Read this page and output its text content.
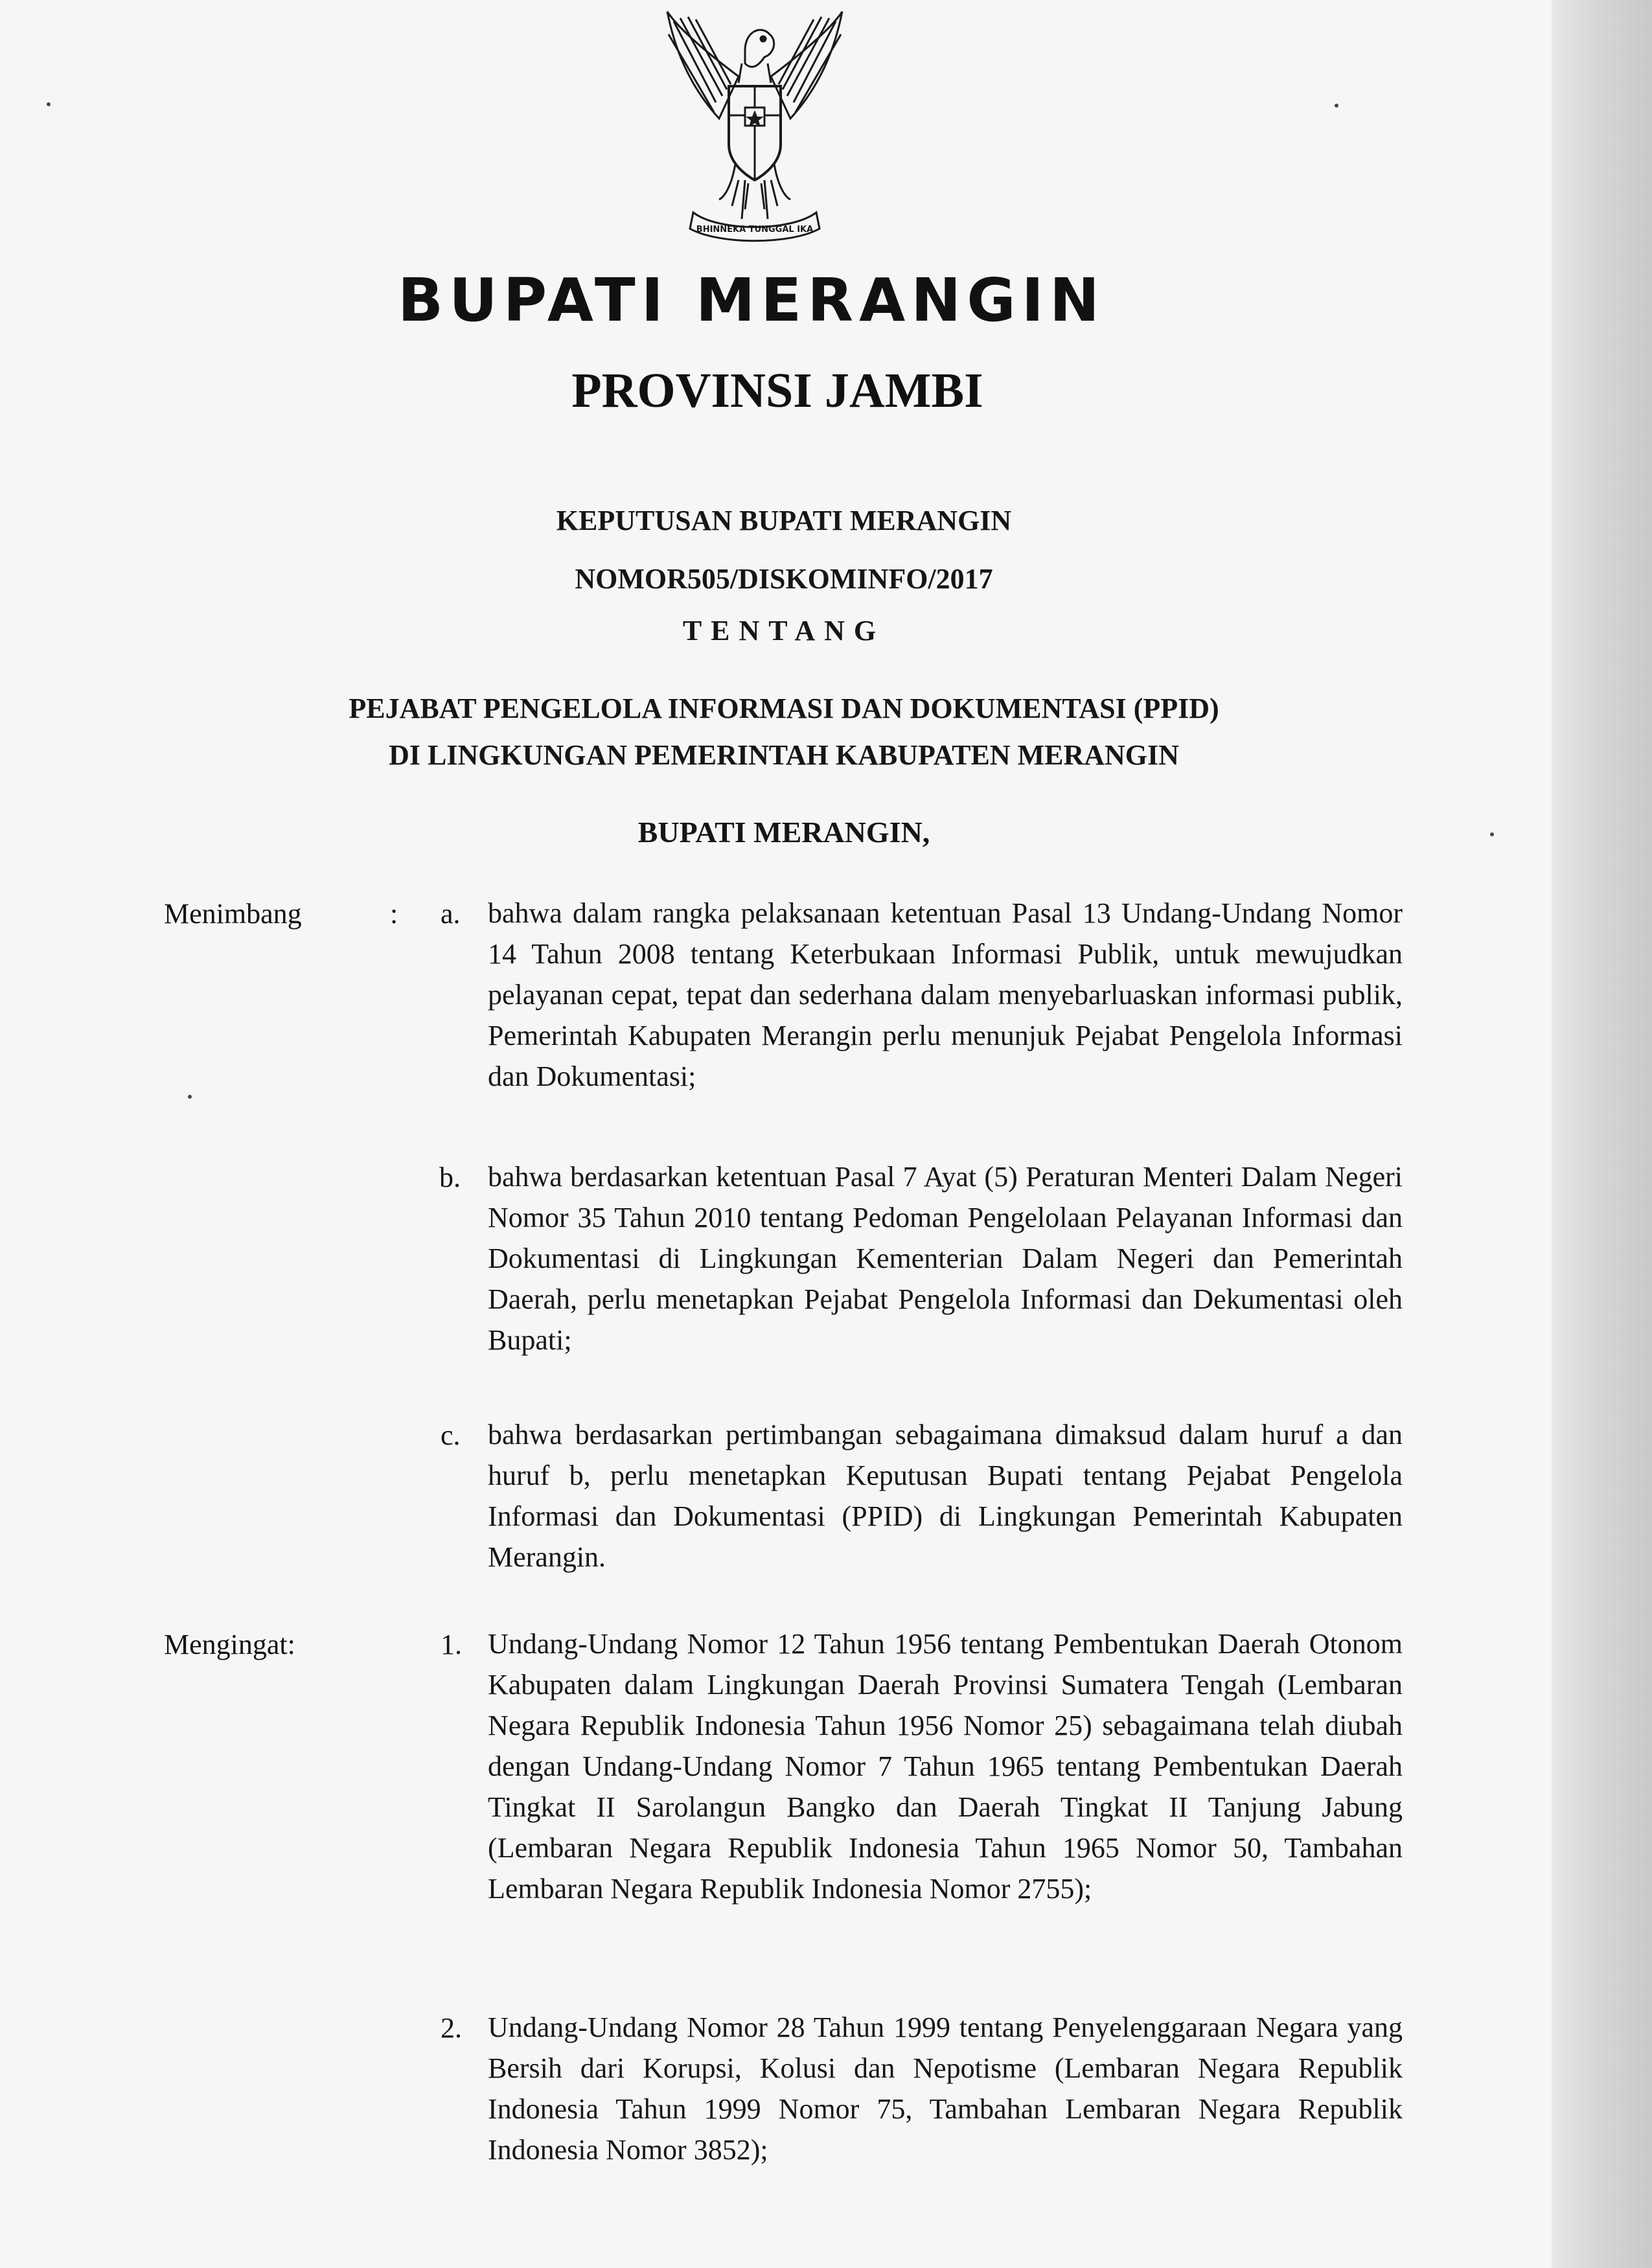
BHINNEKA TUNGGAL IKA
BUPATI MERANGIN
PROVINSI JAMBI
KEPUTUSAN BUPATI MERANGIN
NOMOR505/DISKOMINFO/2017
TENTANG
PEJABAT PENGELOLA INFORMASI DAN DOKUMENTASI (PPID)
DI LINGKUNGAN PEMERINTAH KABUPATEN MERANGIN
BUPATI MERANGIN,
Menimbang	: a. bahwa dalam rangka pelaksanaan ketentuan Pasal 13 Undang-Undang Nomor 14 Tahun 2008 tentang Keterbukaan Informasi Publik, untuk mewujudkan pelayanan cepat, tepat dan sederhana dalam menyebarluaskan informasi publik, Pemerintah Kabupaten Merangin perlu menunjuk Pejabat Pengelola Informasi dan Dokumentasi;
b. bahwa berdasarkan ketentuan Pasal 7 Ayat (5) Peraturan Menteri Dalam Negeri Nomor 35 Tahun 2010 tentang Pedoman Pengelolaan Pelayanan Informasi dan Dokumentasi di Lingkungan Kementerian Dalam Negeri dan Pemerintah Daerah, perlu menetapkan Pejabat Pengelola Informasi dan Dekumentasi oleh Bupati;
c. bahwa berdasarkan pertimbangan sebagaimana dimaksud dalam huruf a dan huruf b, perlu menetapkan Keputusan Bupati tentang Pejabat Pengelola Informasi dan Dokumentasi (PPID) di Lingkungan Pemerintah Kabupaten Merangin.
Mengingat:	1. Undang-Undang Nomor 12 Tahun 1956 tentang Pembentukan Daerah Otonom Kabupaten dalam Lingkungan Daerah Provinsi Sumatera Tengah (Lembaran Negara Republik Indonesia Tahun 1956 Nomor 25) sebagaimana telah diubah dengan Undang-Undang Nomor 7 Tahun 1965 tentang Pembentukan Daerah Tingkat II Sarolangun Bangko dan Daerah Tingkat II Tanjung Jabung (Lembaran Negara Republik Indonesia Tahun 1965 Nomor 50, Tambahan Lembaran Negara Republik Indonesia Nomor 2755);
2. Undang-Undang Nomor 28 Tahun 1999 tentang Penyelenggaraan Negara yang Bersih dari Korupsi, Kolusi dan Nepotisme (Lembaran Negara Republik Indonesia Tahun 1999 Nomor 75, Tambahan Lembaran Negara Republik Indonesia Nomor 3852);
